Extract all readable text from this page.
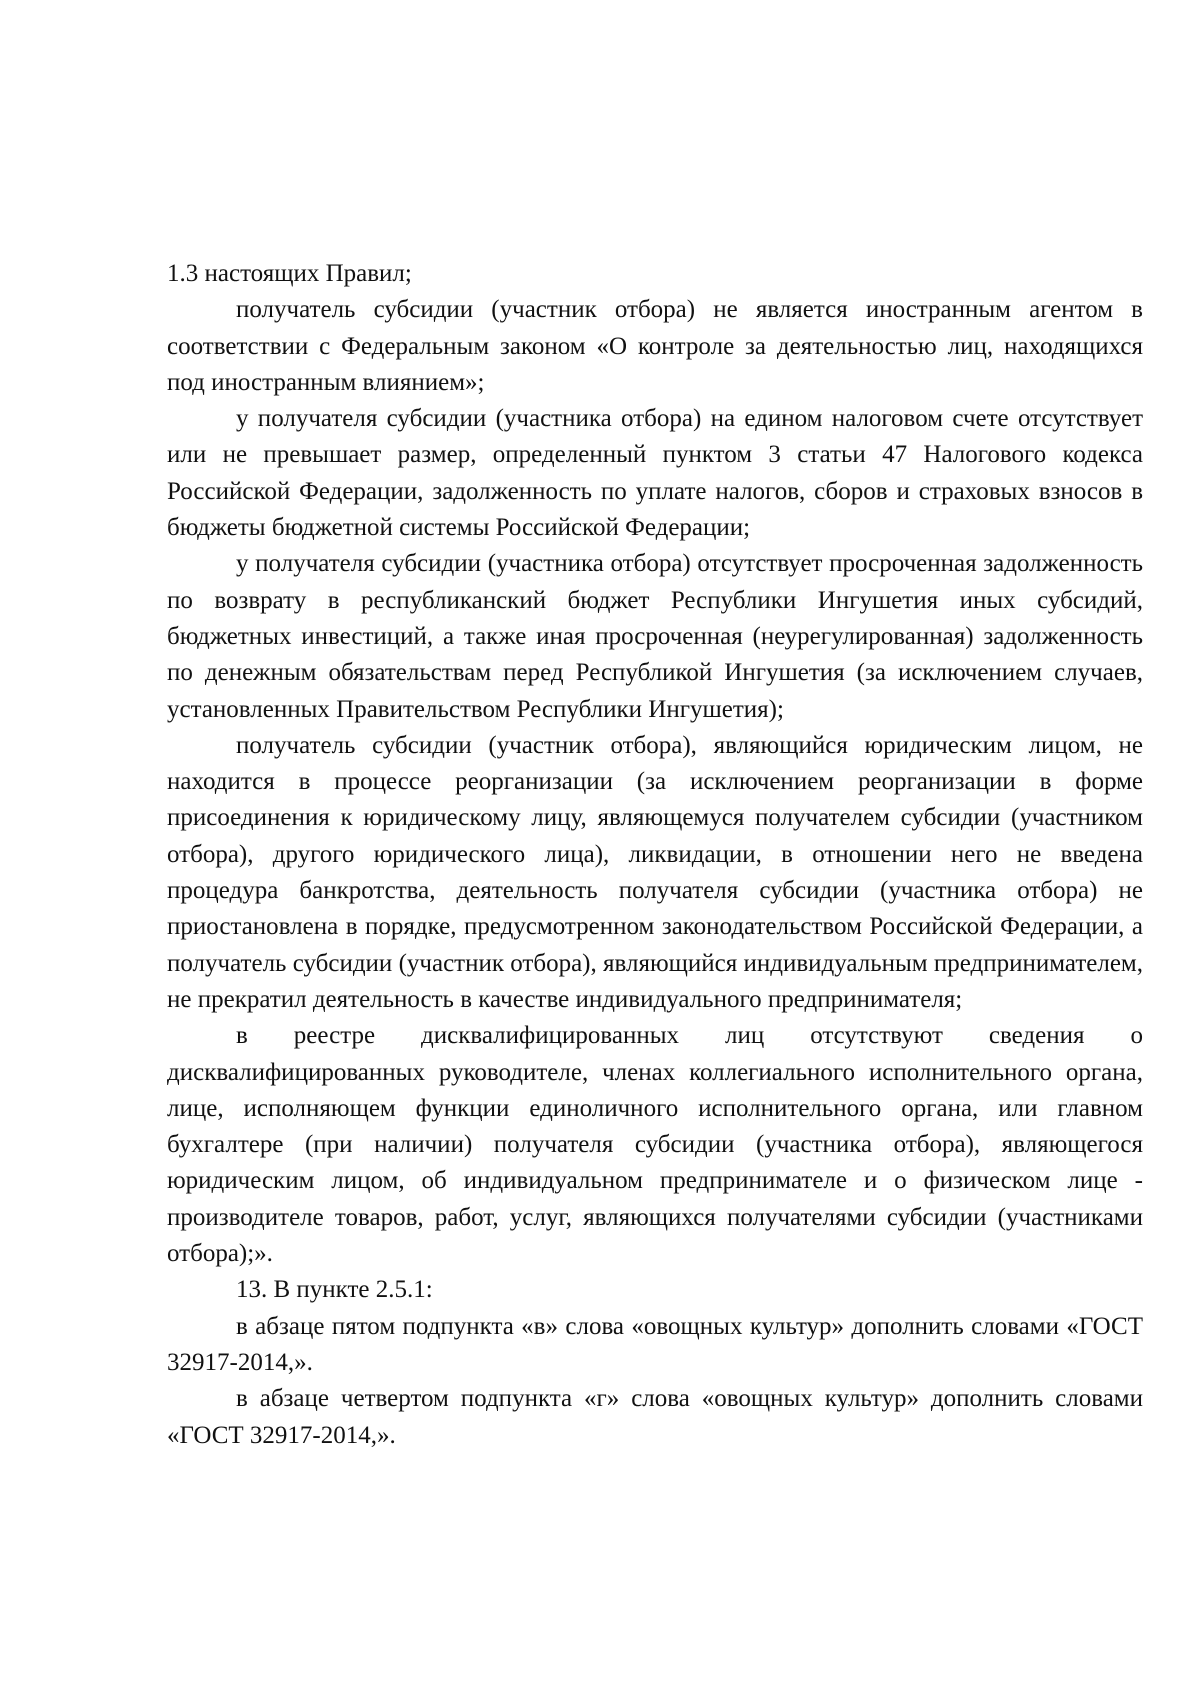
1.3 настоящих Правил;

получатель субсидии (участник отбора) не является иностранным агентом в соответствии с Федеральным законом «О контроле за деятельностью лиц, находящихся под иностранным влиянием»;

у получателя субсидии (участника отбора) на едином налоговом счете отсутствует или не превышает размер, определенный пунктом 3 статьи 47 Налогового кодекса Российской Федерации, задолженность по уплате налогов, сборов и страховых взносов в бюджеты бюджетной системы Российской Федерации;

у получателя субсидии (участника отбора) отсутствует просроченная задолженность по возврату в республиканский бюджет Республики Ингушетия иных субсидий, бюджетных инвестиций, а также иная просроченная (неурегулированная) задолженность по денежным обязательствам перед Республикой Ингушетия (за исключением случаев, установленных Правительством Республики Ингушетия);

получатель субсидии (участник отбора), являющийся юридическим лицом, не находится в процессе реорганизации (за исключением реорганизации в форме присоединения к юридическому лицу, являющемуся получателем субсидии (участником отбора), другого юридического лица), ликвидации, в отношении него не введена процедура банкротства, деятельность получателя субсидии (участника отбора) не приостановлена в порядке, предусмотренном законодательством Российской Федерации, а получатель субсидии (участник отбора), являющийся индивидуальным предпринимателем, не прекратил деятельность в качестве индивидуального предпринимателя;

в реестре дисквалифицированных лиц отсутствуют сведения о дисквалифицированных руководителе, членах коллегиального исполнительного органа, лице, исполняющем функции единоличного исполнительного органа, или главном бухгалтере (при наличии) получателя субсидии (участника отбора), являющегося юридическим лицом, об индивидуальном предпринимателе и о физическом лице - производителе товаров, работ, услуг, являющихся получателями субсидии (участниками отбора);».

13. В пункте 2.5.1:

в абзаце пятом подпункта «в» слова «овощных культур» дополнить словами «ГОСТ 32917-2014,».

в абзаце четвертом подпункта «г» слова «овощных культур» дополнить словами «ГОСТ 32917-2014,».
